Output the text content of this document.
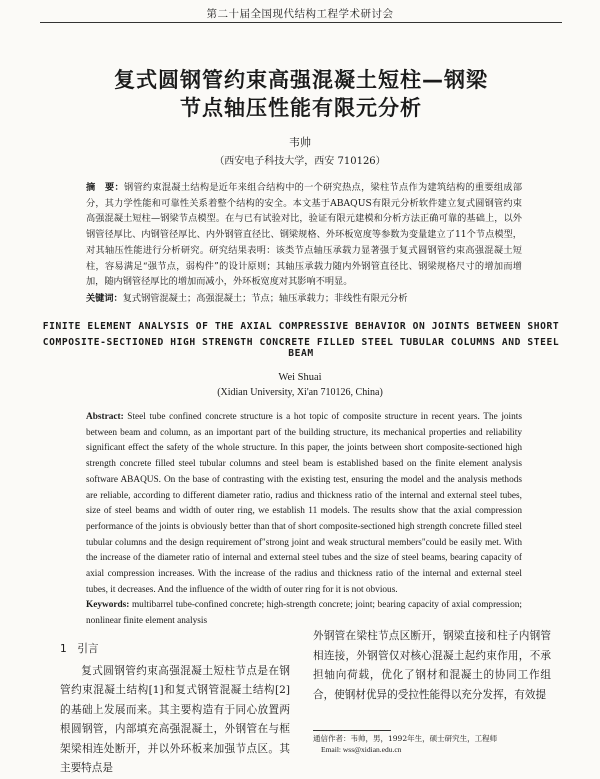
第二十届全国现代结构工程学术研讨会
复式圆钢管约束高强混凝土短柱—钢梁
节点轴压性能有限元分析
韦帅
（西安电子科技大学，西安 710126）
摘　要：钢管约束混凝土结构是近年来组合结构中的一个研究热点，梁柱节点作为建筑结构的重要组成部分，其力学性能和可靠性关系着整个结构的安全。本文基于ABAQUS有限元分析软件建立复式圆钢管约束高强混凝土短柱—钢梁节点模型。在与已有试验对比，验证有限元建模和分析方法正确可靠的基础上，以外钢管径厚比、内钢管径厚比、内外钢管直径比、钢梁规格、外环板宽度等参数为变量建立了11个节点模型，对其轴压性能进行分析研究。研究结果表明：该类节点轴压承载力显著强于复式圆钢管约束高强混凝土短柱，容易满足“强节点，弱构件”的设计原则；其轴压承载力随内外钢管直径比、钢梁规格尺寸的增加而增加，随内钢管径厚比的增加而减小，外环板宽度对其影响不明显。
关键词：复式钢管混凝土；高强混凝土；节点；轴压承载力；非线性有限元分析
FINITE ELEMENT ANALYSIS OF THE AXIAL COMPRESSIVE BEHAVIOR ON JOINTS BETWEEN SHORT
COMPOSITE-SECTIONED HIGH STRENGTH CONCRETE FILLED STEEL TUBULAR COLUMNS AND STEEL BEAM
Wei Shuai
(Xidian University, Xi'an 710126, China)
Abstract: Steel tube confined concrete structure is a hot topic of composite structure in recent years. The joints between beam and column, as an important part of the building structure, its mechanical properties and reliability significant effect the safety of the whole structure. In this paper, the joints between short composite-sectioned high strength concrete filled steel tubular columns and steel beam is established based on the finite element analysis software ABAQUS. On the base of contrasting with the existing test, ensuring the model and the analysis methods are reliable, according to different diameter ratio, radius and thickness ratio of the internal and external steel tubes, size of steel beams and width of outer ring, we establish 11 models. The results show that the axial compression performance of the joints is obviously better than that of short composite-sectioned high strength concrete filled steel tubular columns and the design requirement of"strong joint and weak structural members"could be easily met. With the increase of the diameter ratio of internal and external steel tubes and the size of steel beams, bearing capacity of axial compression increases. With the increase of the radius and thickness ratio of the internal and external steel tubes, it decreases. And the influence of the width of outer ring for it is not obvious.
Keywords: multibarrel tube-confined concrete; high-strength concrete; joint; bearing capacity of axial compression; nonlinear finite element analysis
1　引言

复式圆钢管约束高强混凝土短柱节点是在钢管约束混凝土结构[1]和复式钢管混凝土结构[2]的基础上发展而来。其主要构造有于同心放置两根圆钢管，内部填充高强混凝土，外钢管在与框架梁相连处断开，并以外环板来加强节点区。其主要特点是

外钢管在梁柱节点区断开，钢梁直接和柱子内钢管相连接，外钢管仅对核心混凝土起约束作用，不承担轴向荷载，优化了钢材和混凝土的协同工作组合，使钢材优异的受拉性能得以充分发挥，有效提

通信作者：韦帅，男，1992年生，硕士研究生，工程师
Email: wss@xidian.edu.cn
